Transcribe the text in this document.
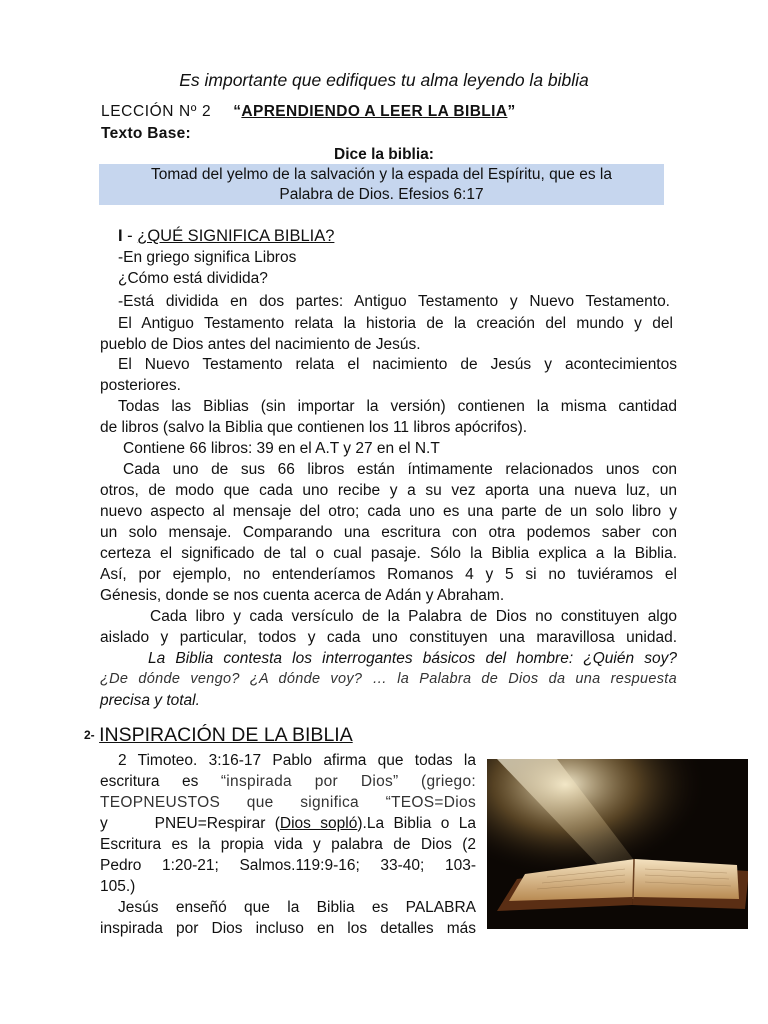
Es importante que edifiques tu alma leyendo la biblia
LECCIÓN Nº 2 “APRENDIENDO A LEER LA BIBLIA”
Texto Base:
Dice la biblia:
Tomad del yelmo de la salvación y la espada del Espíritu, que es la
Palabra de Dios. Efesios 6:17
I - ¿QUÉ SIGNIFICA BIBLIA?
-En griego significa Libros
¿Cómo está dividida?
-Está dividida en dos partes: Antiguo Testamento y Nuevo Testamento.
El Antiguo Testamento relata la historia de la creación del mundo y del
pueblo de Dios antes del nacimiento de Jesús.
El Nuevo Testamento relata el nacimiento de Jesús y acontecimientos
posteriores.
Todas las Biblias (sin importar la versión) contienen la misma cantidad
de libros (salvo la Biblia que contienen los 11 libros apócrifos).
Contiene 66 libros: 39 en el A.T y 27 en el N.T
Cada uno de sus 66 libros están íntimamente relacionados unos con
otros, de modo que cada uno recibe y a su vez aporta una nueva luz, un
nuevo aspecto al mensaje del otro; cada uno es una parte de un solo libro y
un solo mensaje. Comparando una escritura con otra podemos saber con
certeza el significado de tal o cual pasaje. Sólo la Biblia explica a la Biblia.
Así, por ejemplo, no entenderíamos Romanos 4 y 5 si no tuviéramos el
Génesis, donde se nos cuenta acerca de Adán y Abraham.
Cada libro y cada versículo de la Palabra de Dios no constituyen algo
aislado y particular, todos y cada uno constituyen una maravillosa unidad.
La Biblia contesta los interrogantes básicos del hombre: ¿Quién soy?
¿De dónde vengo? ¿A dónde voy? … la Palabra de Dios da una respuesta
precisa y total.
2- INSPIRACIÓN DE LA BIBLIA
2 Timoteo. 3:16-17 Pablo afirma que todas la
escritura es “inspirada por Dios” (griego:
TEOPNEUSTOS que significa “TEOS=Dios
y     PNEU=Respirar (Dios sopló).La Biblia o La
Escritura es la propia vida y palabra de Dios (2
Pedro 1:20-21; Salmos.119:9-16; 33-40; 103-
105.)
Jesús enseñó que la Biblia es PALABRA
inspirada por Dios incluso en los detalles más
